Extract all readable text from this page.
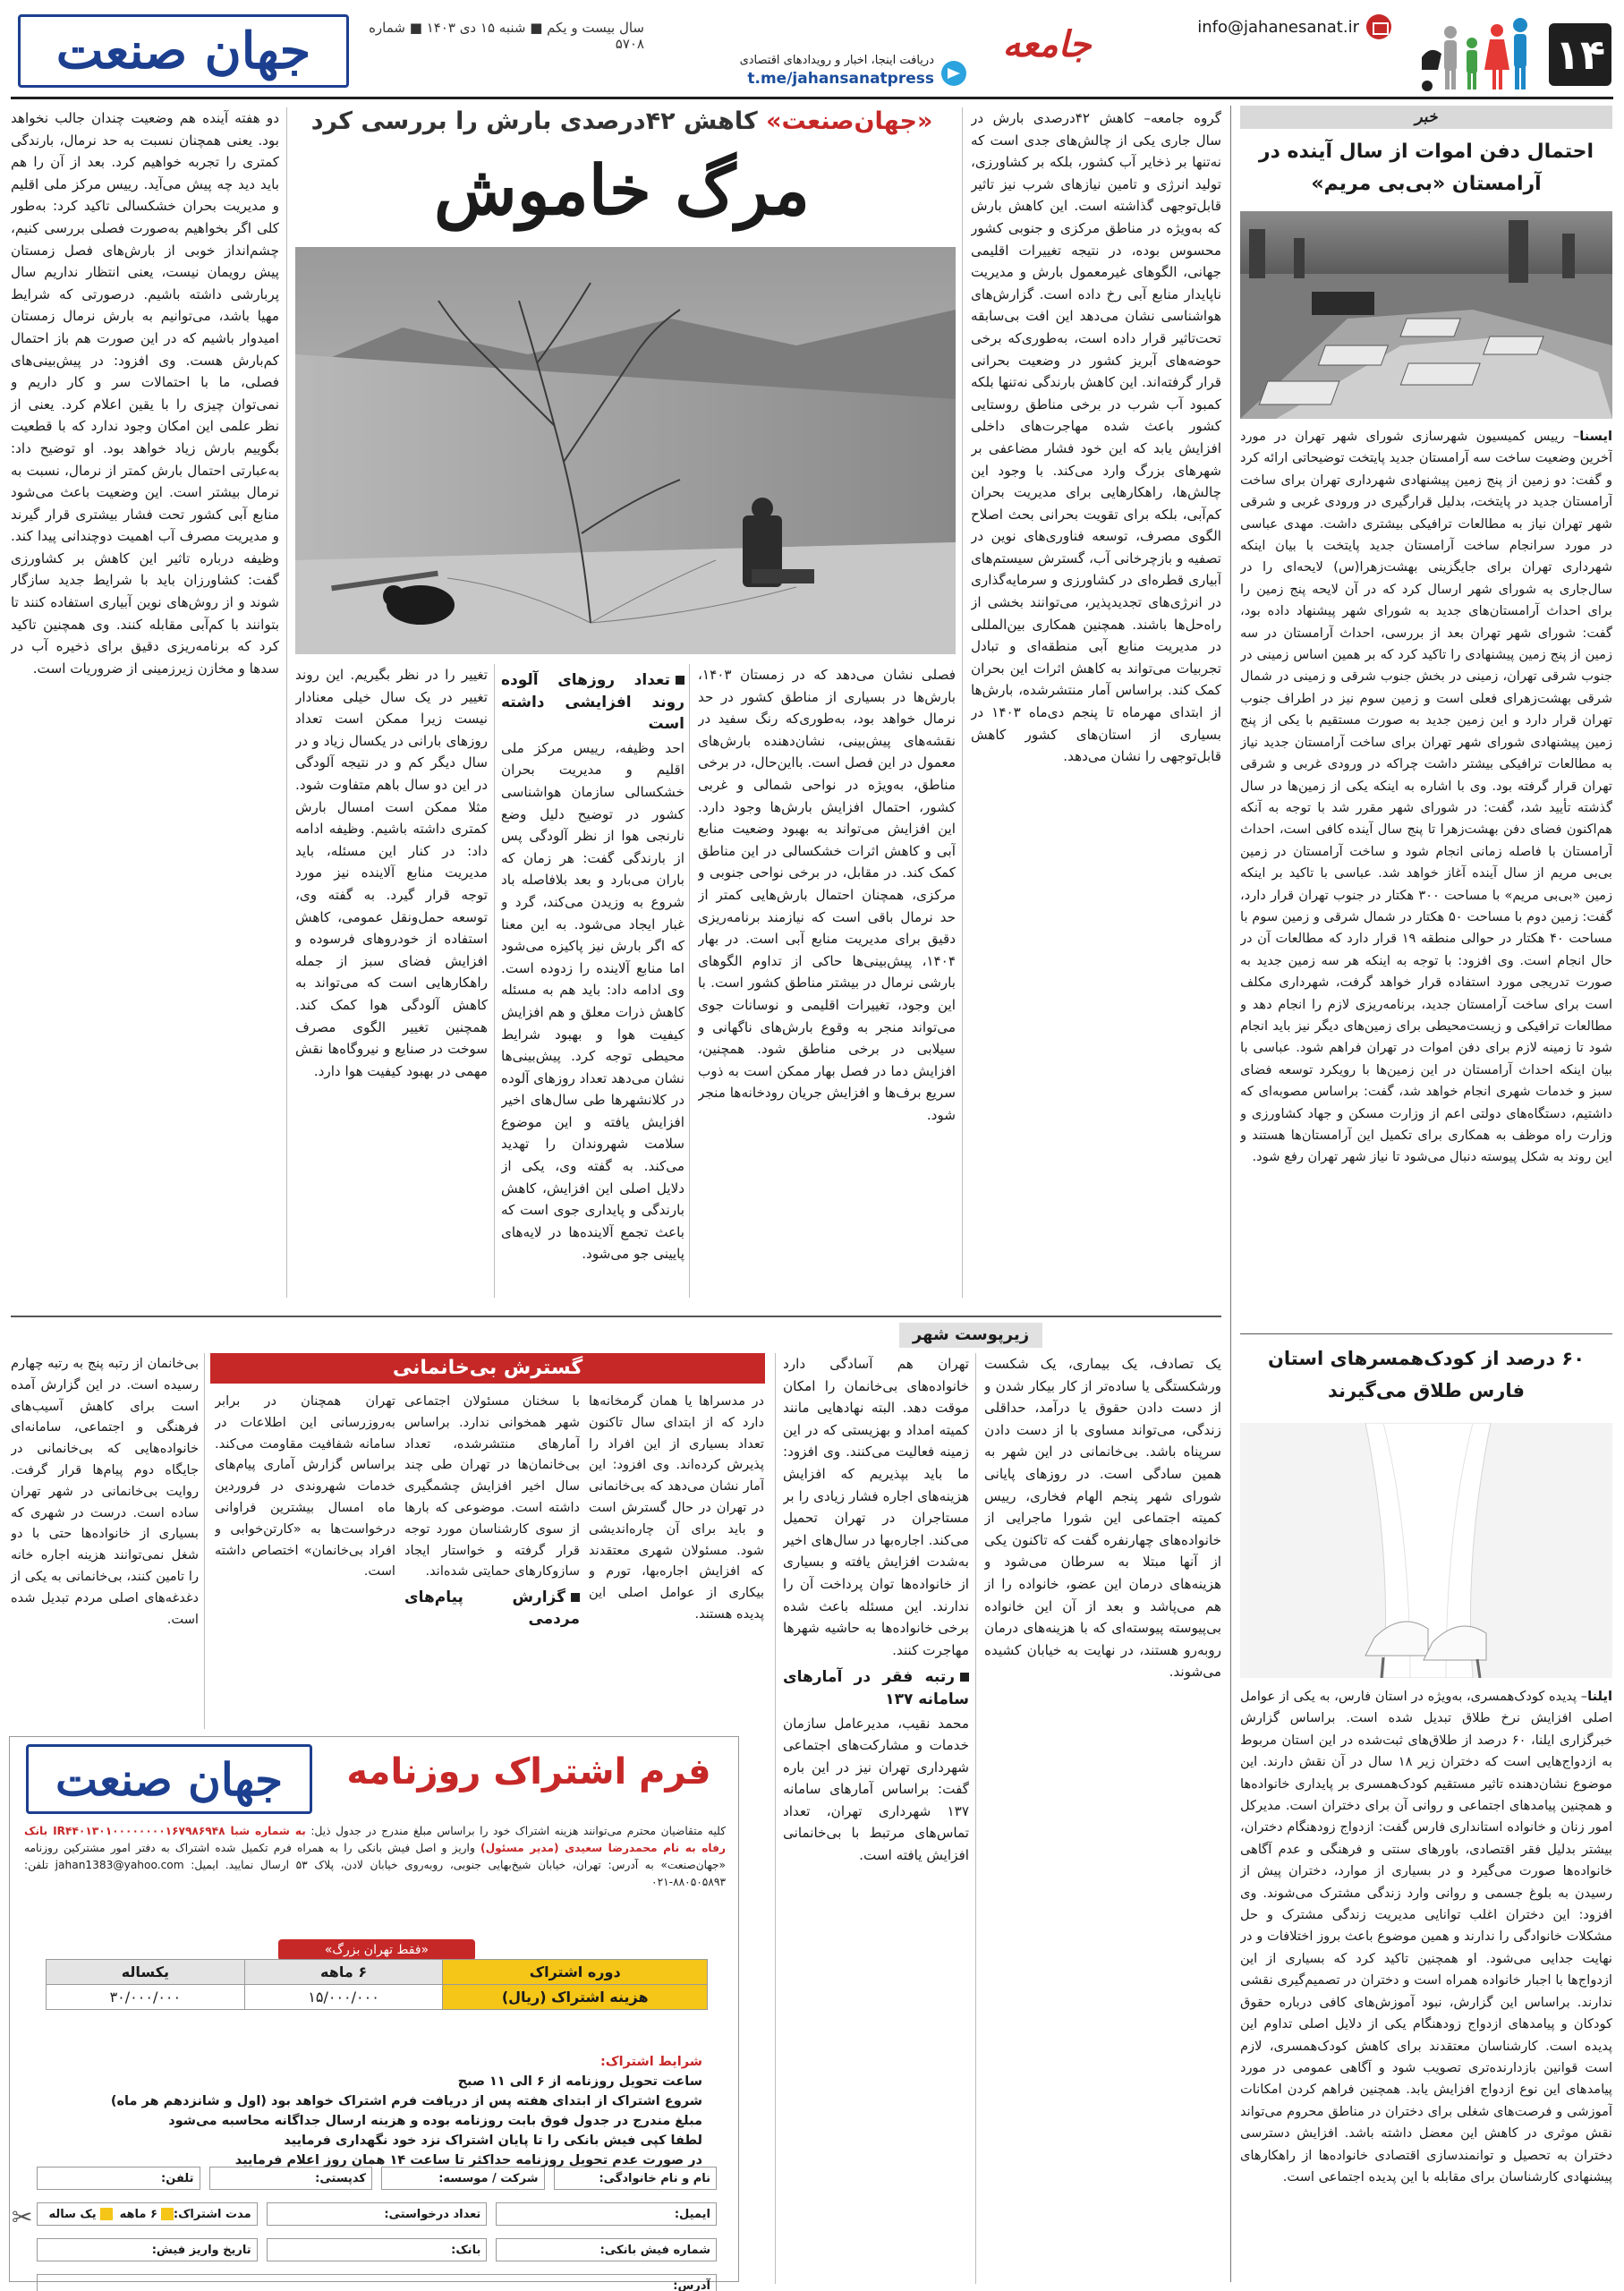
۱۴
info@jahanesanat.ir
جامعه
دریافت اینجا، اخبار و رویدادهای اقتصادی
t.me/jahansanatpress
سال بیست و یکم ■ شنبه ۱۵ دی ۱۴۰۳ ■ شماره ۵۷۰۸
جهان صنعت
خبر
احتمال دفن اموات از سال آینده در آرامستان «بی‌بی مریم»

ایسنا– رییس کمیسیون شهرسازی شورای شهر تهران در مورد آخرین وضعیت ساخت سه آرامستان جدید پایتخت توضیحاتی ارائه کرد و گفت: دو زمین از پنج زمین پیشنهادی شهرداری تهران برای ساخت آرامستان جدید در پایتخت، بدلیل قرارگیری در ورودی غربی و شرقی شهر تهران نیاز به مطالعات ترافیکی بیشتری داشت. مهدی عباسی در مورد سرانجام ساخت آرامستان جدید پایتخت با بیان اینکه شهرداری تهران برای جایگزینی بهشت‌زهرا(س) لایحه‌ای را در سال‌جاری به شورای شهر ارسال کرد که در آن لایحه پنج زمین را برای احداث آرامستان‌های جدید به شورای شهر پیشنهاد داده بود، گفت: شورای شهر تهران بعد از بررسی، احداث آرامستان در سه زمین از پنج زمین پیشنهادی را تاکید کرد که بر همین اساس زمینی در جنوب شرقی تهران، زمینی در بخش جنوب شرقی و زمینی در شمال شرقی بهشت‌زهرای فعلی است و زمین سوم نیز در اطراف جنوب تهران قرار دارد و این زمین جدید به صورت مستقیم با یکی از پنج زمین پیشنهادی شورای شهر تهران برای ساخت آرامستان جدید نیاز به مطالعات ترافیکی بیشتر داشت چراکه در ورودی غربی و شرقی تهران قرار گرفته بود. وی با اشاره به اینکه یکی از زمین‌ها در سال گذشته تأیید شد، گفت: در شورای شهر مقرر شد با توجه به آنکه هم‌اکنون فضای دفن بهشت‌زهرا تا پنج سال آینده کافی است، احداث آرامستان با فاصله زمانی انجام شود و ساخت آرامستان در زمین بی‌بی مریم از سال آینده آغاز خواهد شد. عباسی با تاکید بر اینکه زمین «بی‌بی مریم» با مساحت ۳۰۰ هکتار در جنوب تهران قرار دارد، گفت: زمین دوم با مساحت ۵۰ هکتار در شمال شرقی و زمین سوم با مساحت ۴۰ هکتار در حوالی منطقه ۱۹ قرار دارد که مطالعات آن در حال انجام است. وی افزود: با توجه به اینکه هر سه زمین جدید به صورت تدریجی مورد استفاده قرار خواهد گرفت، شهرداری مکلف است برای ساخت آرامستان جدید، برنامه‌ریزی لازم را انجام دهد و مطالعات ترافیکی و زیست‌محیطی برای زمین‌های دیگر نیز باید انجام شود تا زمینه لازم برای دفن اموات در تهران فراهم شود. عباسی با بیان اینکه احداث آرامستان در این زمین‌ها با رویکرد توسعه فضای سبز و خدمات شهری انجام خواهد شد، گفت: براساس مصوبه‌ای که داشتیم، دستگاه‌های دولتی اعم از وزارت مسکن و جهاد کشاورزی و وزارت راه موظف به همکاری برای تکمیل این آرامستان‌ها هستند و این روند به شکل پیوسته دنبال می‌شود تا نیاز شهر تهران رفع شود.

۶۰ درصد از کودک‌همسرهای استان فارس طلاق می‌گیرند

ایلنا– پدیده کودک‌همسری، به‌ویژه در استان فارس، به یکی از عوامل اصلی افزایش نرخ طلاق تبدیل شده است. براساس گزارش خبرگزاری ایلنا، ۶۰ درصد از طلاق‌های ثبت‌شده در این استان مربوط به ازدواج‌هایی است که دختران زیر ۱۸ سال در آن نقش دارند. این موضوع نشان‌دهنده تاثیر مستقیم کودک‌همسری بر پایداری خانواده‌ها و همچنین پیامدهای اجتماعی و روانی آن برای دختران است. مدیرکل امور زنان و خانواده استانداری فارس گفت: ازدواج زودهنگام دختران، بیشتر بدلیل فقر اقتصادی، باورهای سنتی و فرهنگی و عدم آگاهی خانواده‌ها صورت می‌گیرد و در بسیاری از موارد، دختران پیش از رسیدن به بلوغ جسمی و روانی وارد زندگی مشترک می‌شوند. وی افزود: این دختران اغلب توانایی مدیریت زندگی مشترک و حل مشکلات خانوادگی را ندارند و همین موضوع باعث بروز اختلافات و در نهایت جدایی می‌شود. او همچنین تاکید کرد که بسیاری از این ازدواج‌ها با اجبار خانواده همراه است و دختران در تصمیم‌گیری نقشی ندارند. براساس این گزارش، نبود آموزش‌های کافی درباره حقوق کودکان و پیامدهای ازدواج زودهنگام یکی از دلایل اصلی تداوم این پدیده است. کارشناسان معتقدند برای کاهش کودک‌همسری، لازم است قوانین بازدارنده‌تری تصویب شود و آگاهی عمومی در مورد پیامدهای این نوع ازدواج افزایش یابد. همچنین فراهم کردن امکانات آموزشی و فرصت‌های شغلی برای دختران در مناطق محروم می‌تواند نقش موثری در کاهش این معضل داشته باشد. افزایش دسترسی دختران به تحصیل و توانمندسازی اقتصادی خانواده‌ها از راهکارهای پیشنهادی کارشناسان برای مقابله با این پدیده اجتماعی است.

«جهان‌صنعت» کاهش ۴۲درصدی بارش را بررسی کرد
مرگ خاموش

گروه جامعه– کاهش ۴۲درصدی بارش در سال جاری یکی از چالش‌های جدی است که نه‌تنها بر ذخایر آب کشور، بلکه بر کشاورزی، تولید انرژی و تامین نیازهای شرب نیز تاثیر قابل‌توجهی گذاشته است. این کاهش بارش که به‌ویژه در مناطق مرکزی و جنوبی کشور محسوس بوده، در نتیجه تغییرات اقلیمی جهانی، الگوهای غیرمعمول بارش و مدیریت ناپایدار منابع آبی رخ داده است. گزارش‌های هواشناسی نشان می‌دهد این افت بی‌سابقه تحت‌تاثیر قرار داده است، به‌طوری‌که برخی حوضه‌های آبریز کشور در وضعیت بحرانی قرار گرفته‌اند. این کاهش بارندگی نه‌تنها بلکه کمبود آب شرب در برخی مناطق روستایی کشور باعث شده مهاجرت‌های داخلی افزایش یابد که این خود فشار مضاعفی بر شهرهای بزرگ وارد می‌کند. با وجود این چالش‌ها، راهکارهایی برای مدیریت بحران کم‌آبی، بلکه برای تقویت بحرانی بحث اصلاح الگوی مصرف، توسعه فناوری‌های نوین در تصفیه و بازچرخانی آب، گسترش سیستم‌های آبیاری قطره‌ای در کشاورزی و سرمایه‌گذاری در انرژی‌های تجدیدپذیر، می‌توانند بخشی از راه‌حل‌ها باشند. همچنین همکاری بین‌المللی در مدیریت منابع آبی منطقه‌ای و تبادل تجربیات می‌تواند به کاهش اثرات این بحران کمک کند. براساس آمار منتشرشده، بارش‌ها از ابتدای مهرماه تا پنجم دی‌ماه ۱۴۰۳ در بسیاری از استان‌های کشور کاهش قابل‌توجهی را نشان می‌دهد.

فصلی نشان می‌دهد که در زمستان ۱۴۰۳، بارش‌ها در بسیاری از مناطق کشور در حد نرمال خواهد بود، به‌طوری‌که رنگ سفید در نقشه‌های پیش‌بینی، نشان‌دهنده بارش‌های معمول در این فصل است. بااین‌حال، در برخی مناطق، به‌ویژه در نواحی شمالی و غربی کشور، احتمال افزایش بارش‌ها وجود دارد. این افزایش می‌تواند به بهبود وضعیت منابع آبی و کاهش اثرات خشکسالی در این مناطق کمک کند. در مقابل، در برخی نواحی جنوبی و مرکزی، همچنان احتمال بارش‌هایی کمتر از حد نرمال باقی است که نیازمند برنامه‌ریزی دقیق برای مدیریت منابع آبی است. در بهار ۱۴۰۴، پیش‌بینی‌ها حاکی از تداوم الگوهای بارشی نرمال در بیشتر مناطق کشور است. با این وجود، تغییرات اقلیمی و نوسانات جوی می‌تواند منجر به وقوع بارش‌های ناگهانی و سیلابی در برخی مناطق شود. همچنین، افزایش دما در فصل بهار ممکن است به ذوب سریع برف‌ها و افزایش جریان رودخانه‌ها منجر شود.

تعداد روزهای آلوده روند افزایشی داشته است

احد وظیفه، رییس مرکز ملی اقلیم و مدیریت بحران خشکسالی سازمان هواشناسی کشور در توضیح دلیل وضع نارنجی هوا از نظر آلودگی پس از بارندگی گفت: هر زمان که باران می‌بارد و بعد بلافاصله باد شروع به وزیدن می‌کند، گرد و غبار ایجاد می‌شود. به این معنا که اگر بارش نیز پاکیزه می‌شود اما منابع آلاینده را زدوده است. وی ادامه داد: باید هم به مسئله کاهش ذرات معلق و هم افزایش کیفیت هوا و بهبود شرایط محیطی توجه کرد. پیش‌بینی‌ها نشان می‌دهد تعداد روزهای آلوده در کلانشهرها طی سال‌های اخیر افزایش یافته و این موضوع سلامت شهروندان را تهدید می‌کند. به گفته وی، یکی از دلایل اصلی این افزایش، کاهش بارندگی و پایداری جوی است که باعث تجمع آلاینده‌ها در لایه‌های پایینی جو می‌شود.

تغییر را در نظر بگیریم. این روند تغییر در یک سال خیلی معنادار نیست زیرا ممکن است تعداد روزهای بارانی در یکسال زیاد و در سال دیگر کم و در نتیجه آلودگی در این دو سال باهم متفاوت شود. مثلا ممکن است امسال بارش کمتری داشته باشیم. وظیفه ادامه داد: در کنار این مسئله، باید مدیریت منابع آلاینده نیز مورد توجه قرار گیرد. به گفته وی، توسعه حمل‌ونقل عمومی، کاهش استفاده از خودروهای فرسوده و افزایش فضای سبز از جمله راهکارهایی است که می‌تواند به کاهش آلودگی هوا کمک کند. همچنین تغییر الگوی مصرف سوخت در صنایع و نیروگاه‌ها نقش مهمی در بهبود کیفیت هوا دارد.

دو هفته آینده هم وضعیت چندان جالب نخواهد بود. یعنی همچنان نسبت به حد نرمال، بارندگی کمتری را تجربه خواهیم کرد. بعد از آن را هم باید دید چه پیش می‌آید. رییس مرکز ملی اقلیم و مدیریت بحران خشکسالی تاکید کرد: به‌طور کلی اگر بخواهیم به‌صورت فصلی بررسی کنیم، چشم‌انداز خوبی از بارش‌های فصل زمستان پیش رویمان نیست، یعنی انتظار نداریم سال پربارشی داشته باشیم. درصورتی که شرایط مهیا باشد، می‌توانیم به بارش نرمال زمستان امیدوار باشیم که در این صورت هم باز احتمال کم‌بارش هست. وی افزود: در پیش‌بینی‌های فصلی، ما با احتمالات سر و کار داریم و نمی‌توان چیزی را با یقین اعلام کرد. یعنی از نظر علمی این امکان وجود ندارد که با قطعیت بگوییم بارش زیاد خواهد بود. او توضیح داد: به‌عبارتی احتمال بارش کمتر از نرمال، نسبت به نرمال بیشتر است. این وضعیت باعث می‌شود منابع آبی کشور تحت فشار بیشتری قرار گیرند و مدیریت مصرف آب اهمیت دوچندانی پیدا کند. وظیفه درباره تاثیر این کاهش بر کشاورزی گفت: کشاورزان باید با شرایط جدید سازگار شوند و از روش‌های نوین آبیاری استفاده کنند تا بتوانند با کم‌آبی مقابله کنند. وی همچنین تاکید کرد که برنامه‌ریزی دقیق برای ذخیره آب در سدها و مخازن زیرزمینی از ضروریات است.

زیرپوست شهر

یک تصادف، یک بیماری، یک شکست ورشکستگی یا ساده‌تر از کار بیکار شدن و از دست دادن حقوق یا درآمد، حداقلی زندگی، می‌تواند مساوی با از دست دادن سرپناه باشد. بی‌خانمانی در این شهر به همین سادگی است. در روزهای پایانی شورای شهر پنجم الهام فخاری، رییس کمیته اجتماعی این شورا ماجرایی از خانواده‌های چهارنفره گفت که تاکنون یکی از آنها مبتلا به سرطان می‌شود و هزینه‌های درمان این عضو، خانواده را از هم می‌پاشد و بعد از آن این خانواده بی‌پیوسته پیوسته‌ای که با هزینه‌های درمان روبه‌رو هستند، در نهایت به خیابان کشیده می‌شوند.

تهران هم آسادگی دارد خانواده‌های بی‌خانمان را امکان موقت دهد. البته نهادهایی مانند کمیته امداد و بهزیستی که در این زمینه فعالیت می‌کنند. وی افزود: ما باید بپذیریم که افزایش هزینه‌های اجاره فشار زیادی را بر مستاجران در تهران تحمیل می‌کند. اجاره‌بها در سال‌های اخیر به‌شدت افزایش یافته و بسیاری از خانواده‌ها توان پرداخت آن را ندارند. این مسئله باعث شده برخی خانواده‌ها به حاشیه شهرها مهاجرت کنند.

رتبه فقر در آمارهای سامانه ۱۳۷

محمد نقیب، مدیرعامل سازمان خدمات و مشارکت‌های اجتماعی شهرداری تهران نیز در این باره گفت: براساس آمارهای سامانه ۱۳۷ شهرداری تهران، تعداد تماس‌های مرتبط با بی‌خانمانی افزایش یافته است.

گسترش بی‌خانمانی

در مدسرا‌ها یا همان گرمخانه‌ها دارد که از ابتدای سال تاکنون تعداد بسیاری از این افراد را پذیرش کرده‌اند. وی افزود: این آمار نشان می‌دهد که بی‌خانمانی در تهران در حال گسترش است و باید برای آن چاره‌اندیشی شود. مسئولان شهری معتقدند که افزایش اجاره‌بها، تورم و بیکاری از عوامل اصلی این پدیده هستند.

با سخنان مسئولان اجتماعی شهر همخوانی ندارد. براساس آمارهای منتشرشده، تعداد بی‌خانمان‌ها در تهران طی چند سال اخیر افزایش چشمگیری داشته است. موضوعی که بارها از سوی کارشناسان مورد توجه قرار گرفته و خواستار ایجاد سازوکارهای حمایتی شده‌اند.

گزارش پیام‌های مردمی

تهران همچنان در برابر به‌روزرسانی این اطلاعات در سامانه شفافیت مقاومت می‌کند. براساس گزارش آماری پیام‌های خدمات شهروندی در فروردین ماه امسال بیشترین فراوانی درخواست‌ها به «کارتن‌خوابی و افراد بی‌خانمان» اختصاص داشته است.

بی‌خانمان از رتبه پنج به رتبه چهارم رسیده است. در این گزارش آمده است برای کاهش آسیب‌های فرهنگی و اجتماعی، سامانه‌ای خانواده‌هایی که بی‌خانمانی در جایگاه دوم پیام‌ها قرار گرفت. روایت بی‌خانمانی در شهر تهران ساده است. درست در شهری که بسیاری از خانواده‌ها حتی با دو شغل نمی‌توانند هزینه اجاره خانه را تامین کنند، بی‌خانمانی به یکی از دغدغه‌های اصلی مردم تبدیل شده است.

فرم اشتراک روزنامه
جهان صنعت
کلیه متقاضیان محترم می‌توانند هزینه اشتراک خود را براساس مبلغ مندرج در جدول ذیل: به شماره شبا IR۴۴۰۱۳۰۱۰۰۰۰۰۰۰۰۱۶۷۹۸۶۹۴۸ بانک رفاه به نام محمدرضا سعیدی (مدیر مسئول) واریز و اصل فیش بانکی را به همراه فرم تکمیل شده اشتراک به دفتر امور مشترکین روزنامه «جهان‌صنعت» به آدرس: تهران، خیابان شیخ‌بهایی جنوبی، روبه‌روی خیابان لادن، پلاک ۵۳ ارسال نمایید. ایمیل: jahan1383@yahoo.com تلفن: ۸۸۰۵۰۵۸۹۳-۰۲۱
«فقط تهران بزرگ»
دوره اشتراک	۶ ماهه	یکساله
هزینه اشتراک (ریال)	۱۵/۰۰۰/۰۰۰	۳۰/۰۰۰/۰۰۰
شرایط اشتراک:
ساعت تحویل روزنامه از ۶ الی ۱۱ صبح
شروع اشتراک از ابتدای هفته پس از دریافت فرم اشتراک خواهد بود (اول و شانزدهم هر ماه)
مبلغ مندرج در جدول فوق بابت روزنامه بوده و هزینه ارسال جداگانه محاسبه می‌شود
لطفا کپی فیش بانکی را تا پایان اشتراک نزد خود نگهداری فرمایید
در صورت عدم تحویل روزنامه حداکثر تا ساعت ۱۴ همان روز اعلام فرمایید
نام و نام خانوادگی:
شرکت / موسسه:
کدپستی:
تلفن:
ایمیل:
تعداد درخواستی:
مدت اشتراک:
۶ ماهه
یک ساله
شماره فیش بانکی:
بانک:
تاریخ واریز فیش:
آدرس:
✂
